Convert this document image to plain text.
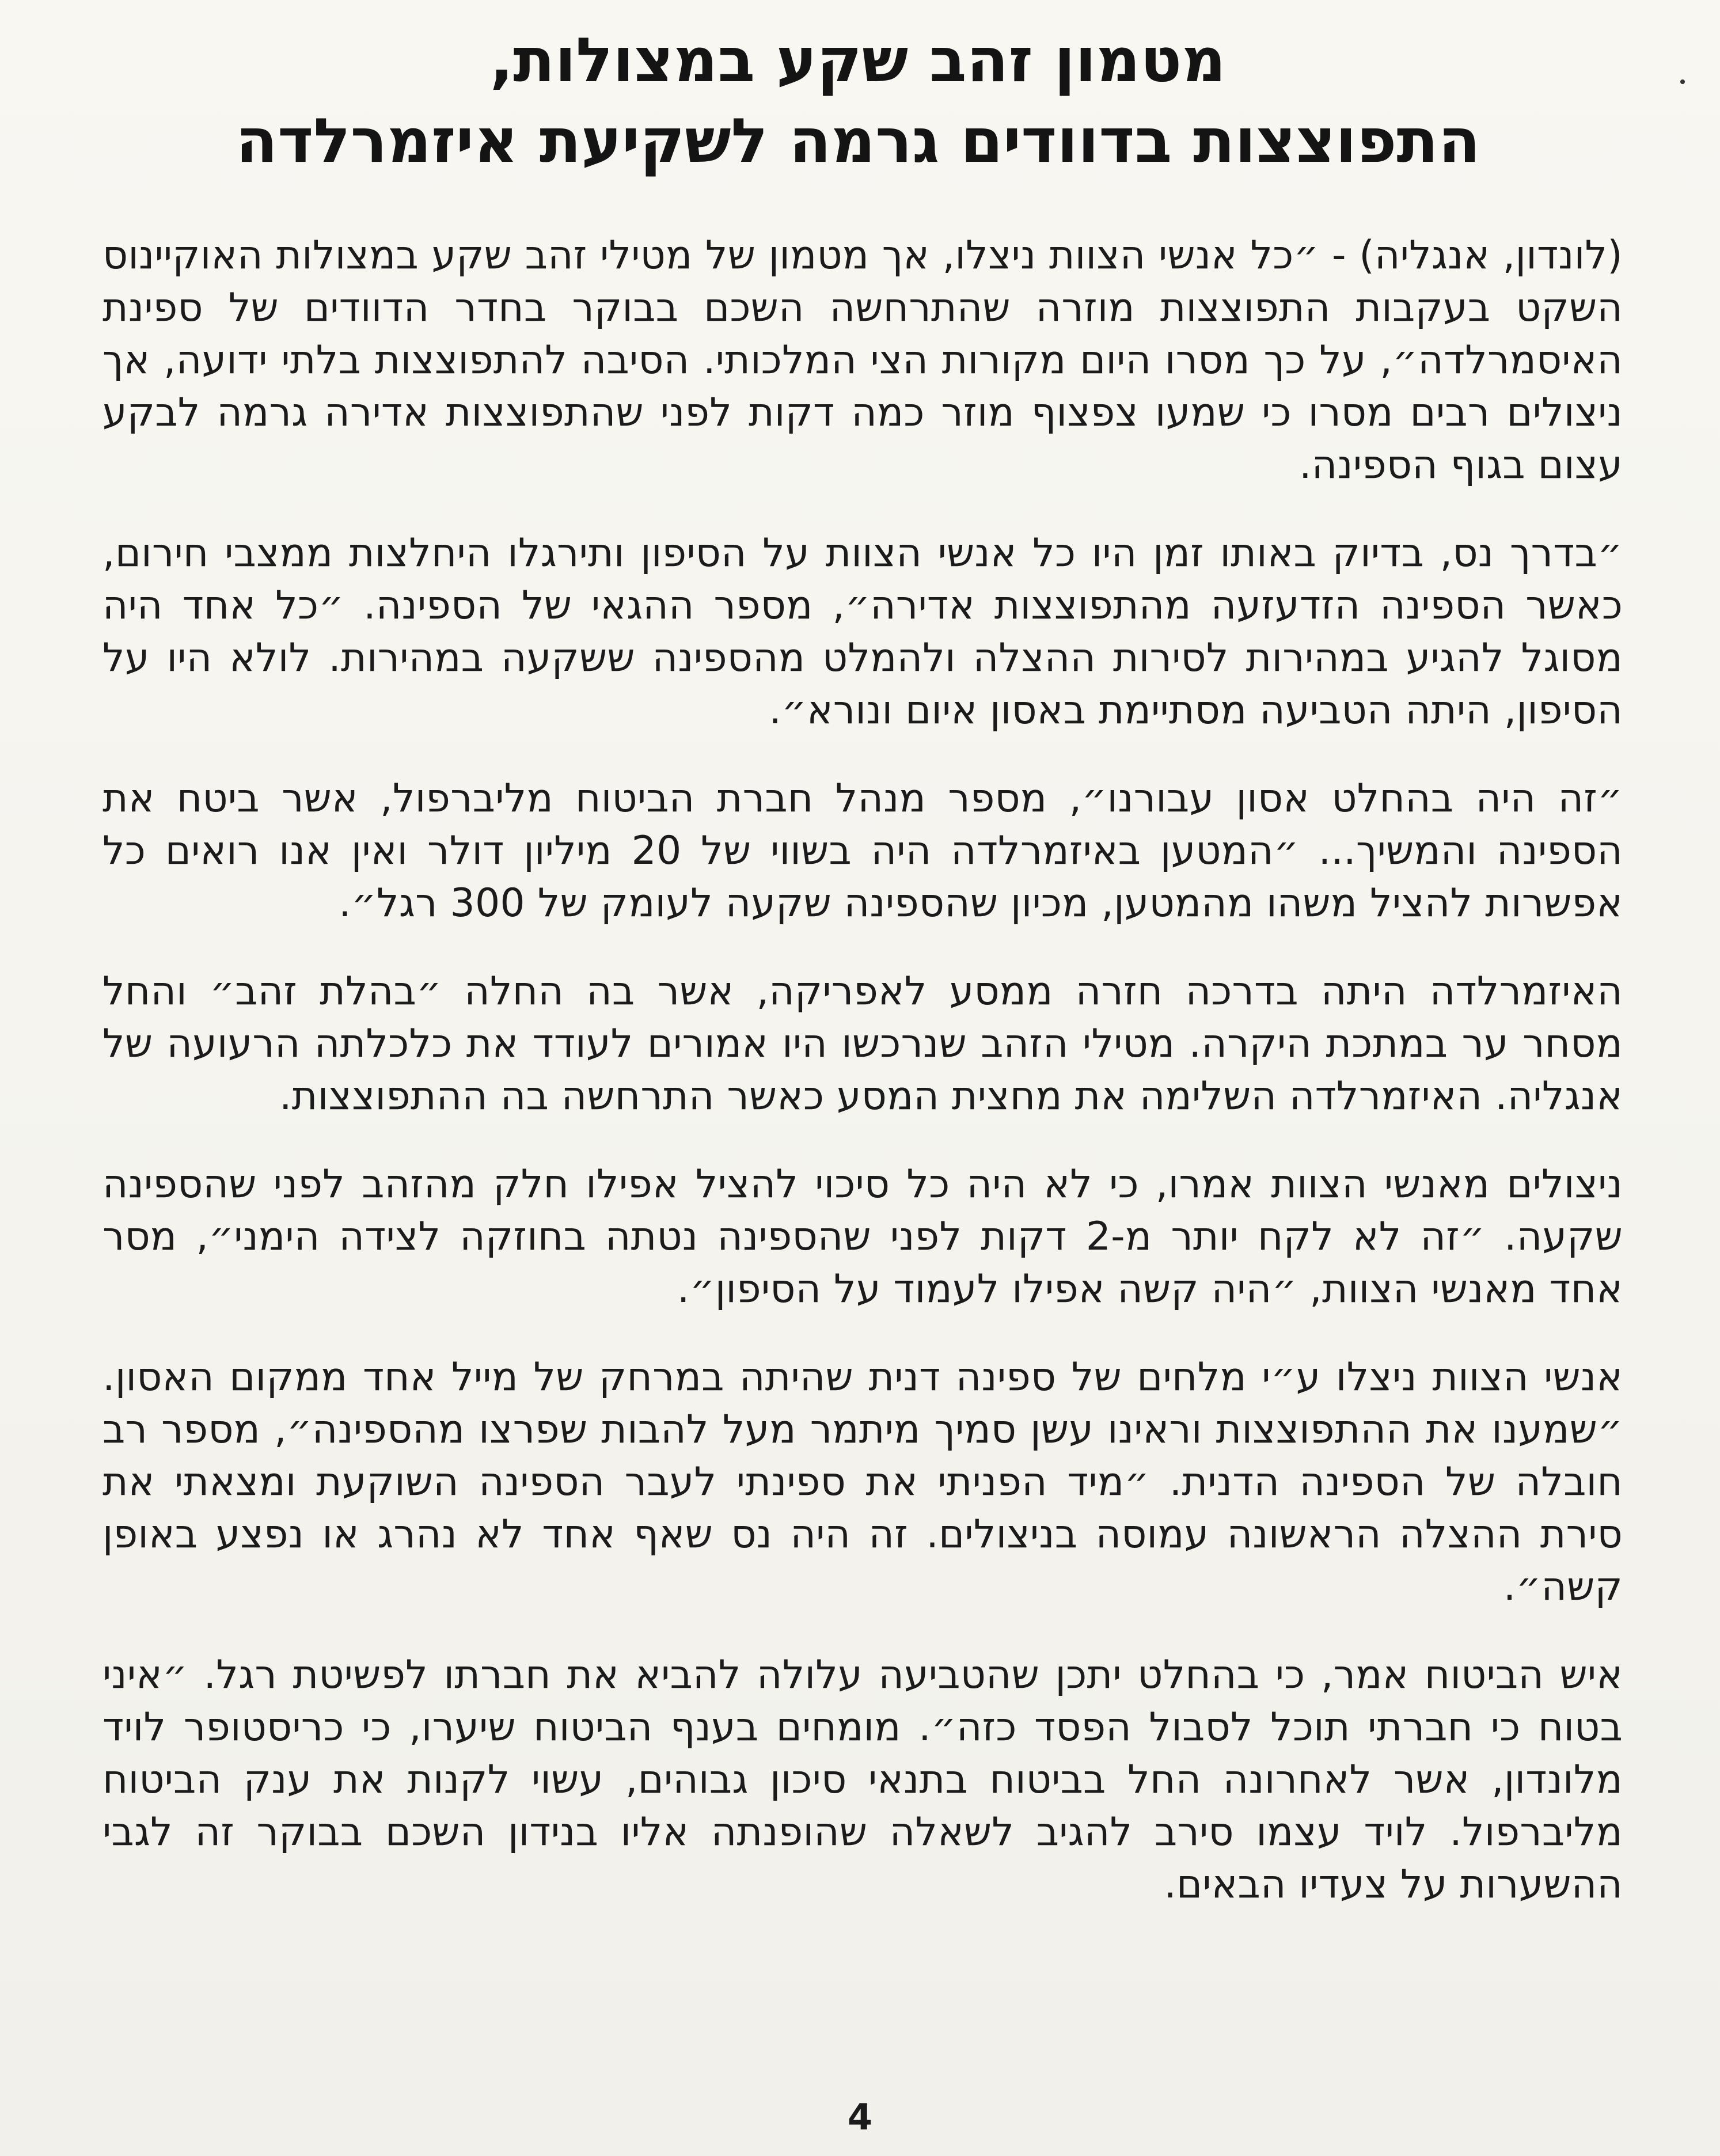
מטמון זהב שקע במצולות,
התפוצצות בדוודים גרמה לשקיעת איזמרלדה

(לונדון, אנגליה) - ״כל אנשי הצוות ניצלו, אך מטמון של מטילי זהב שקע במצולות האוקיינוס השקט בעקבות התפוצצות מוזרה שהתרחשה השכם בבוקר בחדר הדוודים של ספינת האיסמרלדה״, על כך מסרו היום מקורות הצי המלכותי. הסיבה להתפוצצות בלתי ידועה, אך ניצולים רבים מסרו כי שמעו צפצוף מוזר כמה דקות לפני שהתפוצצות אדירה גרמה לבקע עצום בגוף הספינה.

״בדרך נס, בדיוק באותו זמן היו כל אנשי הצוות על הסיפון ותירגלו היחלצות ממצבי חירום, כאשר הספינה הזדעזעה מהתפוצצות אדירה״, מספר ההגאי של הספינה. ״כל אחד היה מסוגל להגיע במהירות לסירות ההצלה ולהמלט מהספינה ששקעה במהירות. לולא היו על הסיפון, היתה הטביעה מסתיימת באסון איום ונורא״.

״זה היה בהחלט אסון עבורנו״, מספר מנהל חברת הביטוח מליברפול, אשר ביטח את הספינה והמשיך... ״המטען באיזמרלדה היה בשווי של 20 מיליון דולר ואין אנו רואים כל אפשרות להציל משהו מהמטען, מכיון שהספינה שקעה לעומק של 300 רגל״.

האיזמרלדה היתה בדרכה חזרה ממסע לאפריקה, אשר בה החלה ״בהלת זהב״ והחל מסחר ער במתכת היקרה. מטילי הזהב שנרכשו היו אמורים לעודד את כלכלתה הרעועה של אנגליה. האיזמרלדה השלימה את מחצית המסע כאשר התרחשה בה ההתפוצצות.

ניצולים מאנשי הצוות אמרו, כי לא היה כל סיכוי להציל אפילו חלק מהזהב לפני שהספינה שקעה. ״זה לא לקח יותר מ-2 דקות לפני שהספינה נטתה בחוזקה לצידה הימני״, מסר אחד מאנשי הצוות, ״היה קשה אפילו לעמוד על הסיפון״.

אנשי הצוות ניצלו ע״י מלחים של ספינה דנית שהיתה במרחק של מייל אחד ממקום האסון. ״שמענו את ההתפוצצות וראינו עשן סמיך מיתמר מעל להבות שפרצו מהספינה״, מספר רב חובלה של הספינה הדנית. ״מיד הפניתי את ספינתי לעבר הספינה השוקעת ומצאתי את סירת ההצלה הראשונה עמוסה בניצולים. זה היה נס שאף אחד לא נהרג או נפצע באופן קשה״.

איש הביטוח אמר, כי בהחלט יתכן שהטביעה עלולה להביא את חברתו לפשיטת רגל. ״איני בטוח כי חברתי תוכל לסבול הפסד כזה״. מומחים בענף הביטוח שיערו, כי כריסטופר לויד מלונדון, אשר לאחרונה החל בביטוח בתנאי סיכון גבוהים, עשוי לקנות את ענק הביטוח מליברפול. לויד עצמו סירב להגיב לשאלה שהופנתה אליו בנידון השכם בבוקר זה לגבי ההשערות על צעדיו הבאים.

4
